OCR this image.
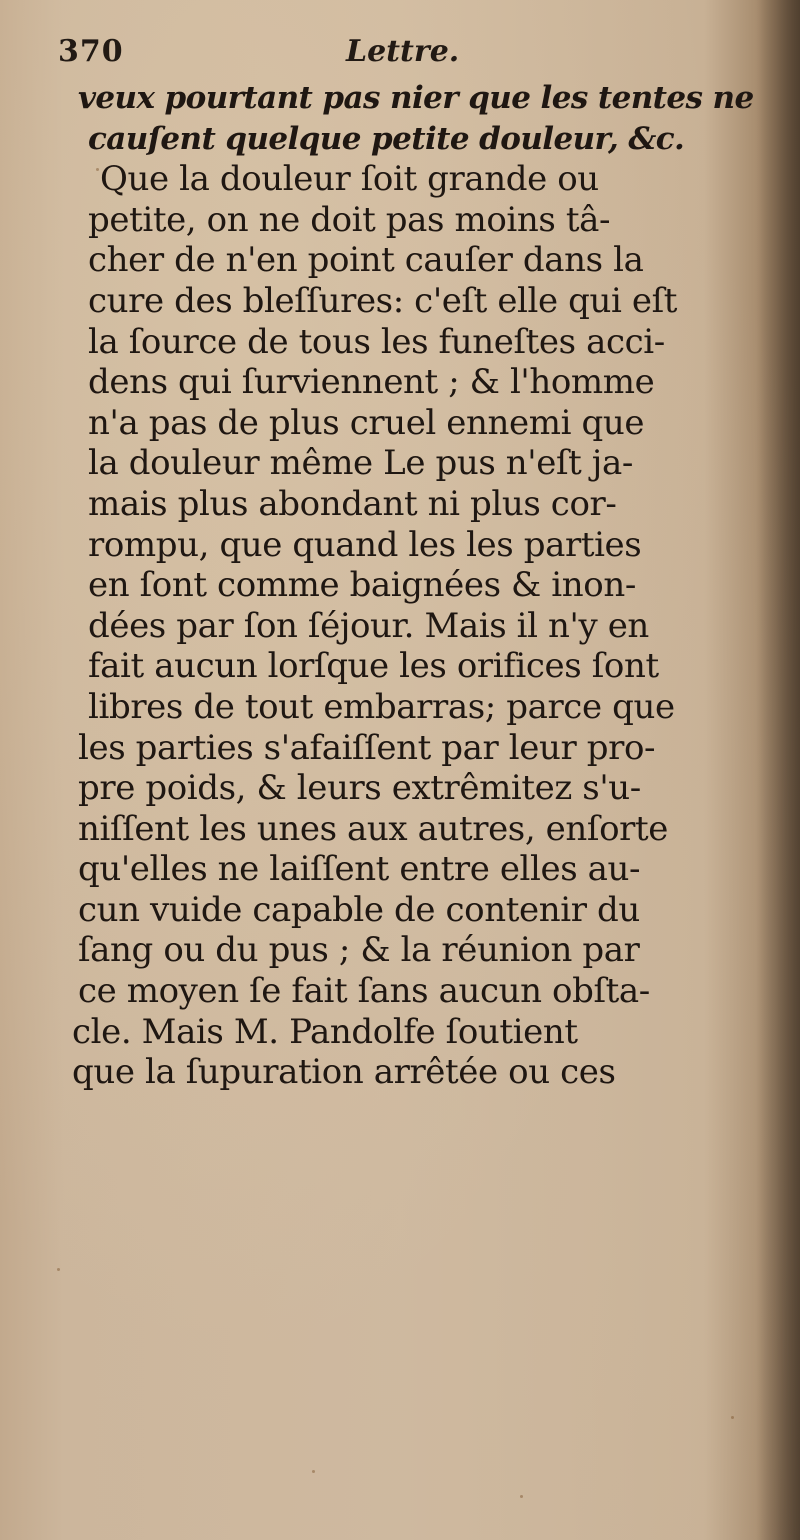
370	Lettre.
veux pourtant pas nier que les tentes ne
cauſent quelque petite douleur, &c.
Que la douleur ſoit grande ou
petite, on ne doit pas moins tâ-
cher de n'en point cauſer dans la
cure des bleſſures: c'eſt elle qui eſt
la ſource de tous les funeſtes acci-
dens qui ſurviennent ; & l'homme
n'a pas de plus cruel ennemi que
la douleur même Le pus n'eſt ja-
mais plus abondant ni plus cor-
rompu, que quand les les parties
en ſont comme baignées & inon-
dées par ſon ſéjour. Mais il n'y en
fait aucun lorſque les orifices ſont
libres de tout embarras; parce que
les parties s'afaiſſent par leur pro-
pre poids, & leurs extrêmitez s'u-
niſſent les unes aux autres, enſorte
qu'elles ne laiſſent entre elles au-
cun vuide capable de contenir du
ſang ou du pus ; & la réunion par
ce moyen ſe fait ſans aucun obſta-
cle. Mais M. Pandolfe ſoutient
que la ſupuration arrêtée ou ces
